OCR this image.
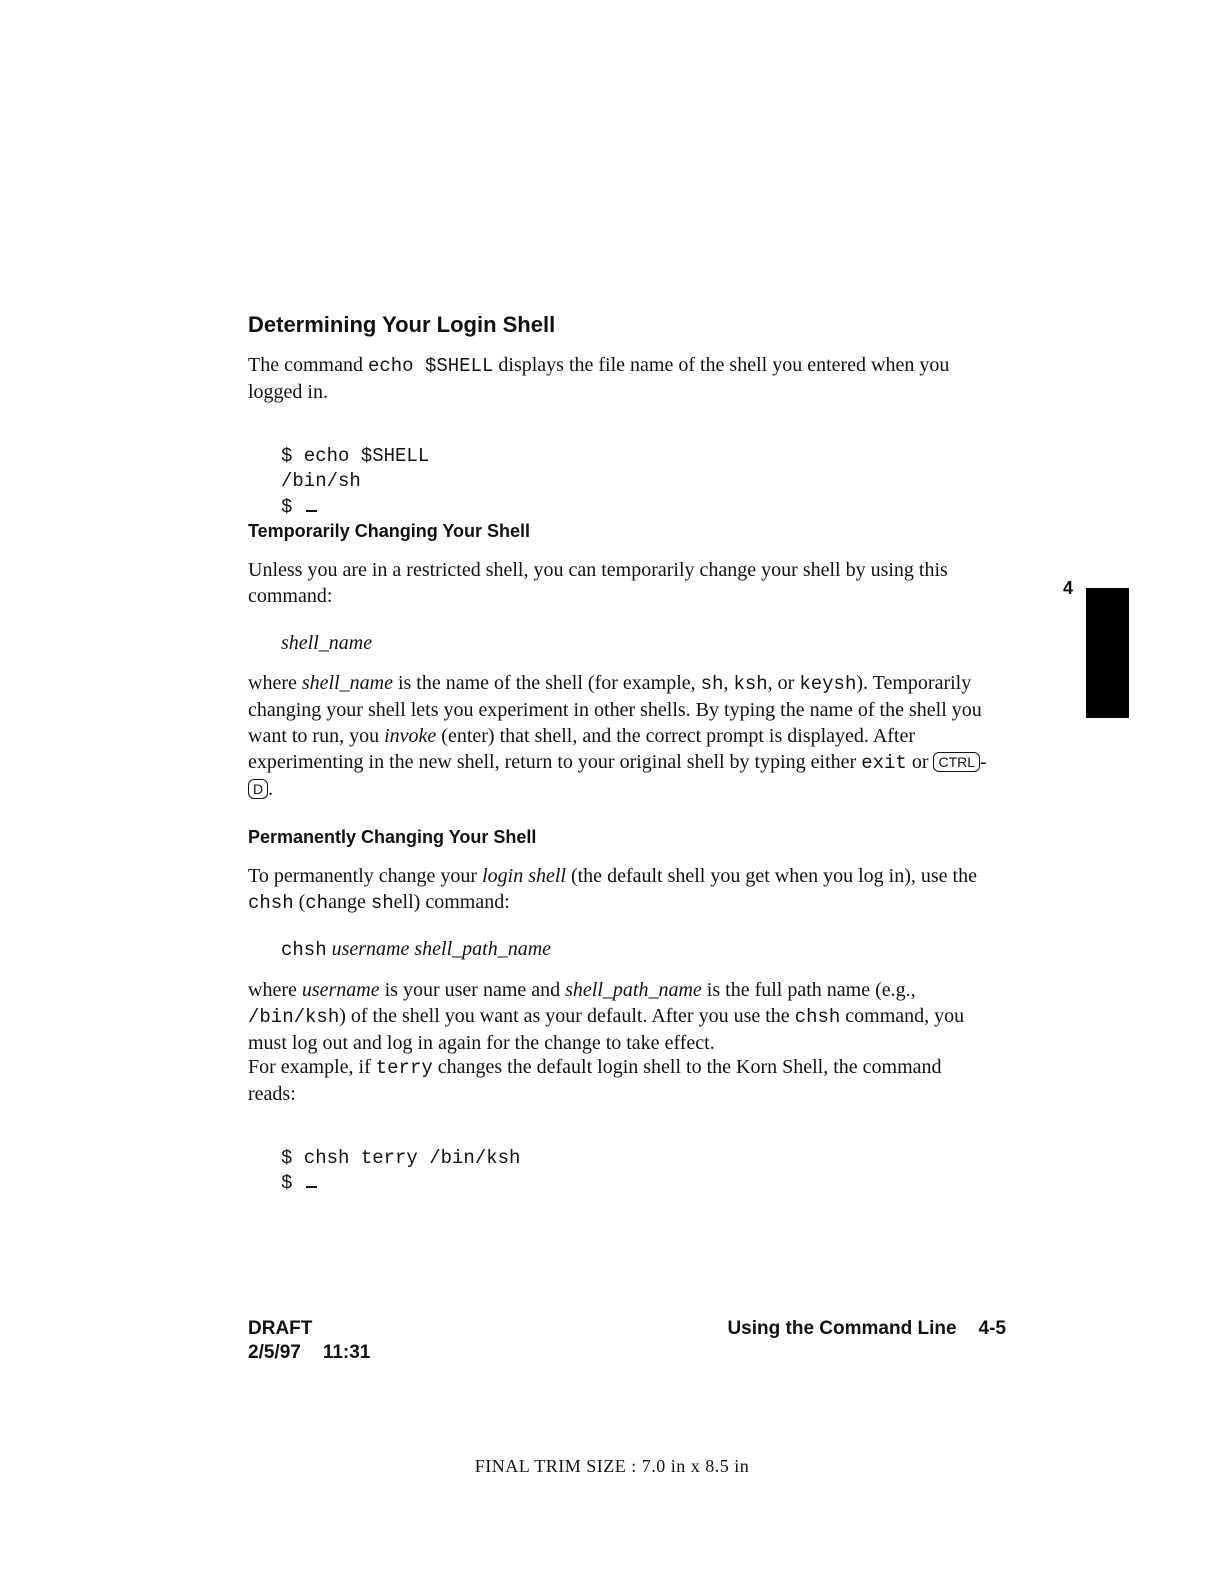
Determining Your Login Shell
The command echo $SHELL displays the file name of the shell you entered when you logged in.

$ echo $SHELL
/bin/sh
$

Temporarily Changing Your Shell
Unless you are in a restricted shell, you can temporarily change your shell by using this command:
shell_name
where shell_name is the name of the shell (for example, sh, ksh, or keysh). Temporarily changing your shell lets you experiment in other shells. By typing the name of the shell you want to run, you invoke (enter) that shell, and the correct prompt is displayed. After experimenting in the new shell, return to your original shell by typing either exit or CTRL -D .
Permanently Changing Your Shell
To permanently change your login shell (the default shell you get when you log in), use the chsh (change shell) command:
chsh username shell_path_name
where username is your user name and shell_path_name is the full path name (e.g., /bin/ksh) of the shell you want as your default. After you use the chsh command, you must log out and log in again for the change to take effect.
For example, if terry changes the default login shell to the Korn Shell, the command reads:

$ chsh terry /bin/ksh
$

4
DRAFT
2/5/97 11:31
Using the Command Line 4-5
FINAL TRIM SIZE : 7.0 in x 8.5 in
